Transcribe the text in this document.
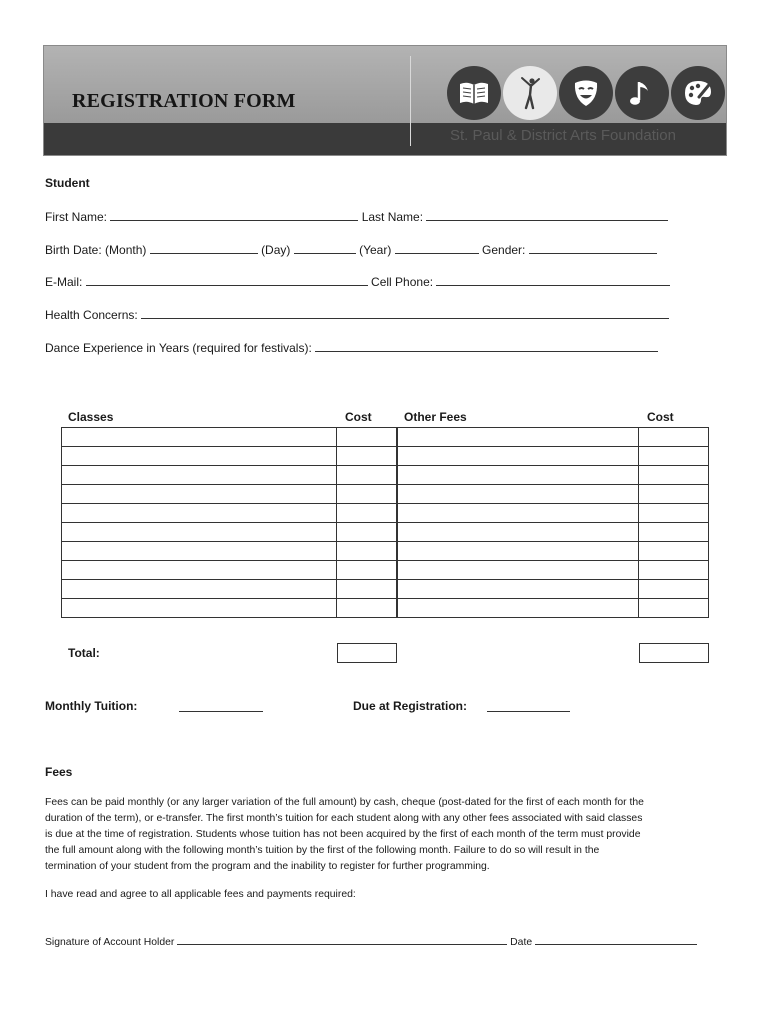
REGISTRATION FORM
St. Paul & District Arts Foundation
Student
First Name:	Last Name:
Birth Date: (Month)	(Day)	(Year)	Gender:
E-Mail:	Cell Phone:
Health Concerns:
Dance Experience in Years (required for festivals):
Classes	Cost	Other Fees	Cost

Total:
Monthly Tuition:	Due at Registration:
Fees
Fees can be paid monthly (or any larger variation of the full amount) by cash, cheque (post-dated for the first of each month for the
duration of the term), or e-transfer. The first month’s tuition for each student along with any other fees associated with said classes
is due at the time of registration. Students whose tuition has not been acquired by the first of each month of the term must provide
the full amount along with the following month’s tuition by the first of the following month. Failure to do so will result in the
termination of your student from the program and the inability to register for further programming.
I have read and agree to all applicable fees and payments required:
Signature of Account Holder	Date
